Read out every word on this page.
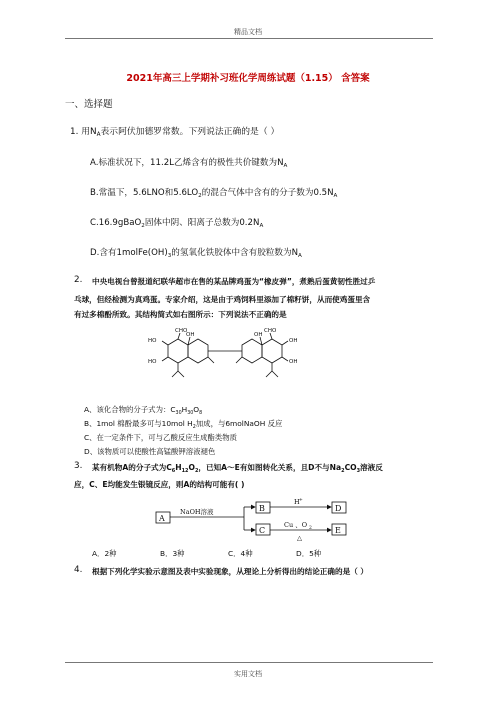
精品文档
实用文档
2021年高三上学期补习班化学周练试题（1.15） 含答案
一、选择题
1. 用$N_A$表示阿伏加德罗常数。下列说法正确的是（ ）
A.标准状况下，11.2L乙烯含有的极性共价键数为$N_A$
B.常温下，5.6LNO和$5.6LO_2$的混合气体中含有的分子数为$0.5N_A$
C.16.9gBaO$_2$固体中阴、阳离子总数为$0.2N_A$
D.含有$1molFe(OH)_3$的氢氧化铁胶体中含有胶粒数为$N_A$
2. 中央电视台曾报道纪联华超市在售的某品牌鸡蛋为“橡皮弹”，煮熟后蛋黄韧性胜过乒
乓球，但经检测为真鸡蛋。专家介绍，这是由于鸡饲料里添加了棉籽饼，从而使鸡蛋里含
有过多棉酚所致。其结构简式如右图所示：下列说法不正确的是
CHO
OH
HO
HO
OH
CHO
OH
OH
A、该化合物的分子式为：$C_{30}H_{30}O_8$
B、1mol 棉酚最多可与10mol $H_2$加成，与6molNaOH 反应
C、在一定条件下，可与乙酸反应生成酯类物质
D、该物质可以使酸性高锰酸钾溶液褪色
3. 某有机物A的分子式为$C_6H_{12}O_2$，已知A～E有如图转化关系，且D不与$Na_2CO_3$溶液反
应，C、E均能发生银镜反应，则A的结构可能有( )
A
B
C
D
E
NaOH溶液
H +
Cu 、O 2
△
A．2种	B．3种	C．4种	D．5种
4. 根据下列化学实验示意图及表中实验现象，从理论上分析得出的结论正确的是（ ）
